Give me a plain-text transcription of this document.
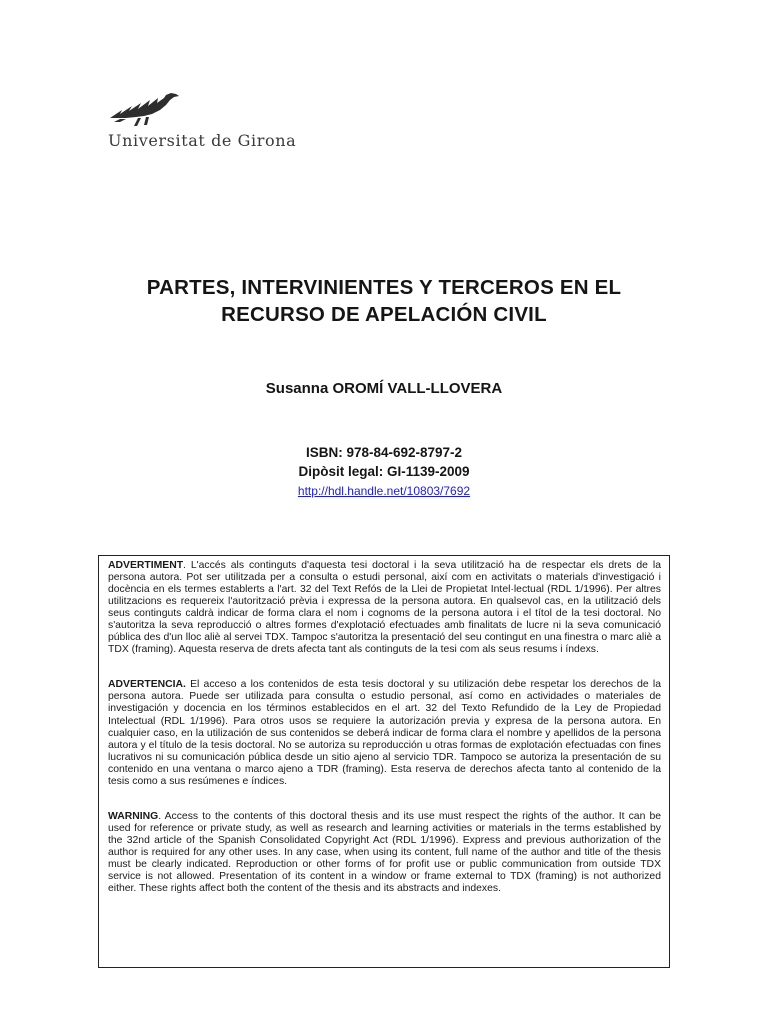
Universitat de Girona
PARTES, INTERVINIENTES Y TERCEROS EN EL
RECURSO DE APELACIÓN CIVIL
Susanna OROMÍ VALL-LLOVERA
ISBN: 978-84-692-8797-2
Dipòsit legal: GI-1139-2009
http://hdl.handle.net/10803/7692

ADVERTIMENT. L'accés als continguts d'aquesta tesi doctoral i la seva utilització ha de respectar els drets de la persona autora. Pot ser utilitzada per a consulta o estudi personal, així com en activitats o materials d'investigació i docència en els termes establerts a l'art. 32 del Text Refós de la Llei de Propietat Intel·lectual (RDL 1/1996). Per altres utilitzacions es requereix l'autorització prèvia i expressa de la persona autora. En qualsevol cas, en la utilització dels seus continguts caldrà indicar de forma clara el nom i cognoms de la persona autora i el títol de la tesi doctoral. No s'autoritza la seva reproducció o altres formes d'explotació efectuades amb finalitats de lucre ni la seva comunicació pública des d'un lloc aliè al servei TDX. Tampoc s'autoritza la presentació del seu contingut en una finestra o marc aliè a TDX (framing). Aquesta reserva de drets afecta tant als continguts de la tesi com als seus resums i índexs.

ADVERTENCIA. El acceso a los contenidos de esta tesis doctoral y su utilización debe respetar los derechos de la persona autora. Puede ser utilizada para consulta o estudio personal, así como en actividades o materiales de investigación y docencia en los términos establecidos en el art. 32 del Texto Refundido de la Ley de Propiedad Intelectual (RDL 1/1996). Para otros usos se requiere la autorización previa y expresa de la persona autora. En cualquier caso, en la utilización de sus contenidos se deberá indicar de forma clara el nombre y apellidos de la persona autora y el título de la tesis doctoral. No se autoriza su reproducción u otras formas de explotación efectuadas con fines lucrativos ni su comunicación pública desde un sitio ajeno al servicio TDR. Tampoco se autoriza la presentación de su contenido en una ventana o marco ajeno a TDR (framing). Esta reserva de derechos afecta tanto al contenido de la tesis como a sus resúmenes e índices.

WARNING. Access to the contents of this doctoral thesis and its use must respect the rights of the author. It can be used for reference or private study, as well as research and learning activities or materials in the terms established by the 32nd article of the Spanish Consolidated Copyright Act (RDL 1/1996). Express and previous authorization of the author is required for any other uses. In any case, when using its content, full name of the author and title of the thesis must be clearly indicated. Reproduction or other forms of for profit use or public communication from outside TDX service is not allowed. Presentation of its content in a window or frame external to TDX (framing) is not authorized either. These rights affect both the content of the thesis and its abstracts and indexes.
